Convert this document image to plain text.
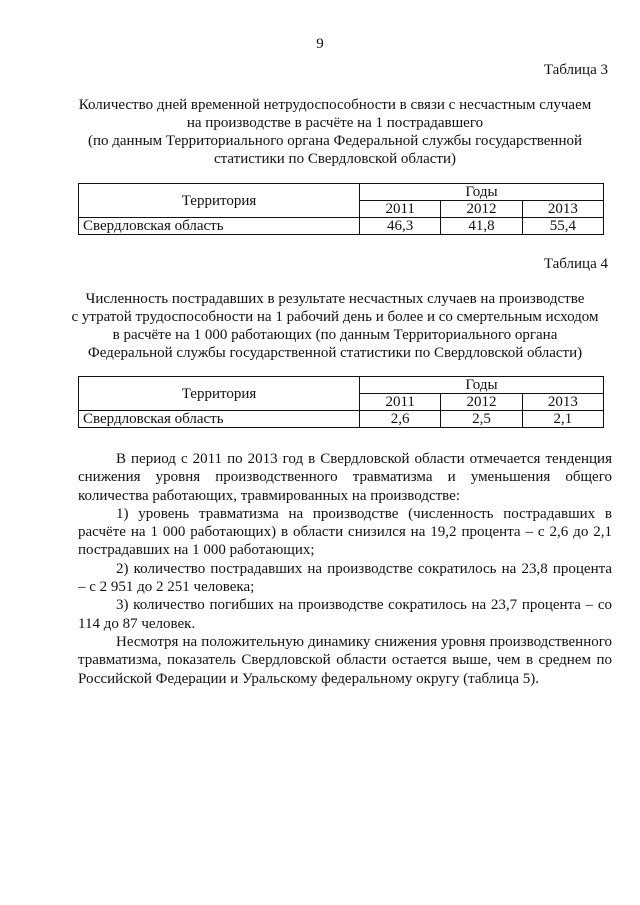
9
Таблица 3
Количество дней временной нетрудоспособности в связи с несчастным случаем
на производстве в расчёте на 1 пострадавшего
(по данным Территориального органа Федеральной службы государственной
статистики по Свердловской области)
Территория	Годы		
	2011	2012	2013
Свердловская область	46,3	41,8	55,4
Таблица 4
Численность пострадавших в результате несчастных случаев на производстве
с утратой трудоспособности на 1 рабочий день и более и со смертельным исходом
в расчёте на 1 000 работающих (по данным Территориального органа
Федеральной службы государственной статистики по Свердловской области)
Территория	Годы		
	2011	2012	2013
Свердловская область	2,6	2,5	2,1

В период с 2011 по 2013 год в Свердловской области отмечается тенденция снижения уровня производственного травматизма и уменьшения общего количества работающих, травмированных на производстве:

1) уровень травматизма на производстве (численность пострадавших в расчёте на 1 000 работающих) в области снизился на 19,2 процента – с 2,6 до 2,1 пострадавших на 1 000 работающих;

2) количество пострадавших на производстве сократилось на 23,8 процента – с 2 951 до 2 251 человека;

3) количество погибших на производстве сократилось на 23,7 процента – со 114 до 87 человек.

Несмотря на положительную динамику снижения уровня производственного травматизма, показатель Свердловской области остается выше, чем в среднем по Российской Федерации и Уральскому федеральному округу (таблица 5).
